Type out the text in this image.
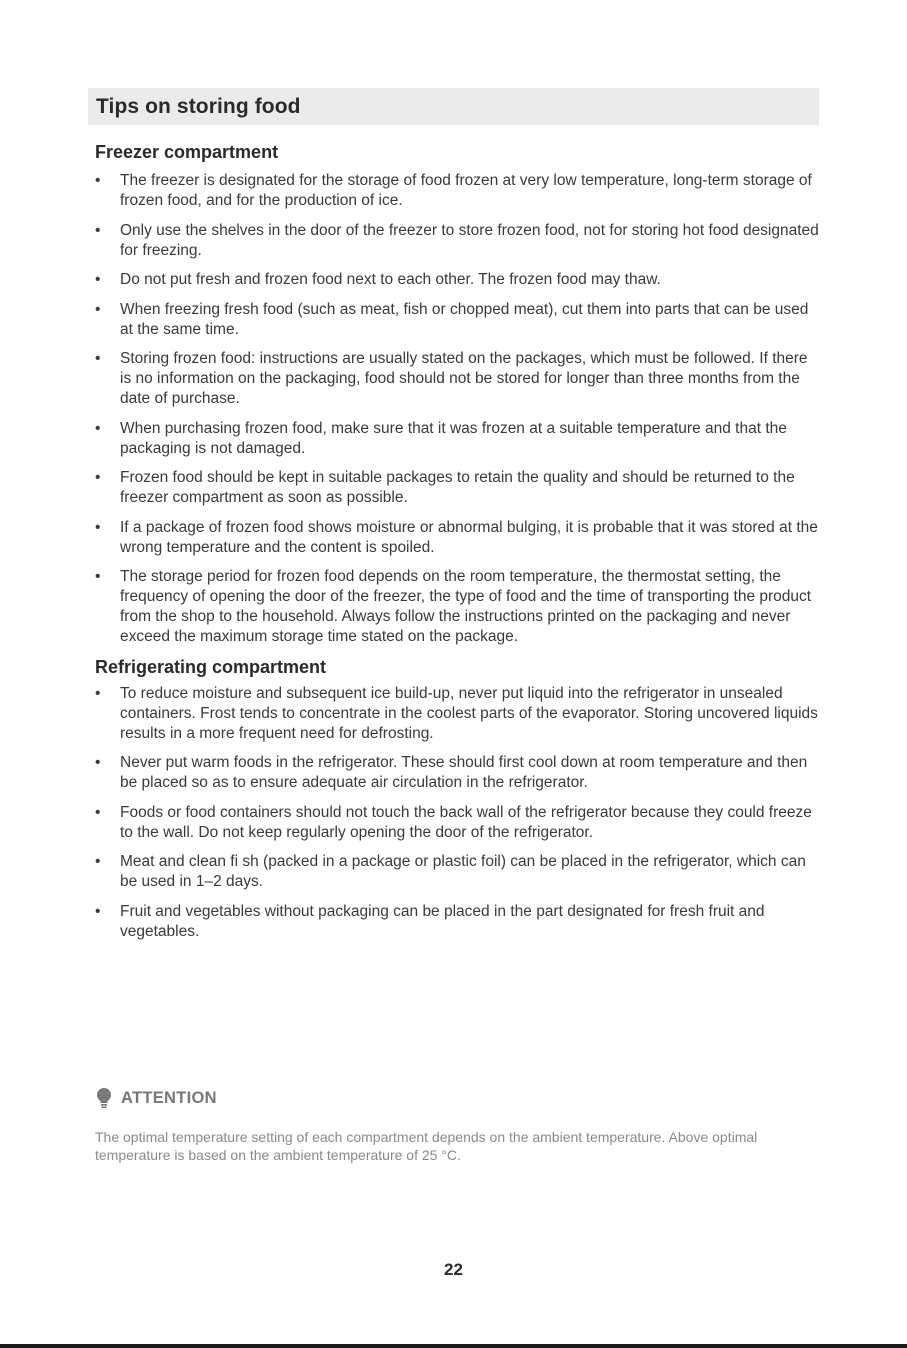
Tips on storing food
Freezer compartment
• The freezer is designated for the storage of food frozen at very low temperature, long-term storage of frozen food, and for the production of ice.
• Only use the shelves in the door of the freezer to store frozen food, not for storing hot food designated for freezing.
• Do not put fresh and frozen food next to each other. The frozen food may thaw.
• When freezing fresh food (such as meat, fish or chopped meat), cut them into parts that can be used at the same time.
• Storing frozen food: instructions are usually stated on the packages, which must be followed. If there is no information on the packaging, food should not be stored for longer than three months from the date of purchase.
• When purchasing frozen food, make sure that it was frozen at a suitable temperature and that the packaging is not damaged.
• Frozen food should be kept in suitable packages to retain the quality and should be returned to the freezer compartment as soon as possible.
• If a package of frozen food shows moisture or abnormal bulging, it is probable that it was stored at the wrong temperature and the content is spoiled.
• The storage period for frozen food depends on the room temperature, the thermostat setting, the frequency of opening the door of the freezer, the type of food and the time of transporting the product from the shop to the household. Always follow the instructions printed on the packaging and never exceed the maximum storage time stated on the package.
Refrigerating compartment
• To reduce moisture and subsequent ice build-up, never put liquid into the refrigerator in unsealed containers. Frost tends to concentrate in the coolest parts of the evaporator. Storing uncovered liquids results in a more frequent need for defrosting.
• Never put warm foods in the refrigerator. These should first cool down at room temperature and then be placed so as to ensure adequate air circulation in the refrigerator.
• Foods or food containers should not touch the back wall of the refrigerator because they could freeze to the wall. Do not keep regularly opening the door of the refrigerator.
• Meat and clean fi sh (packed in a package or plastic foil) can be placed in the refrigerator, which can be used in 1–2 days.
• Fruit and vegetables without packaging can be placed in the part designated for fresh fruit and vegetables.
ATTENTION

The optimal temperature setting of each compartment depends on the ambient temperature. Above optimal temperature is based on the ambient temperature of 25 °C.

22
